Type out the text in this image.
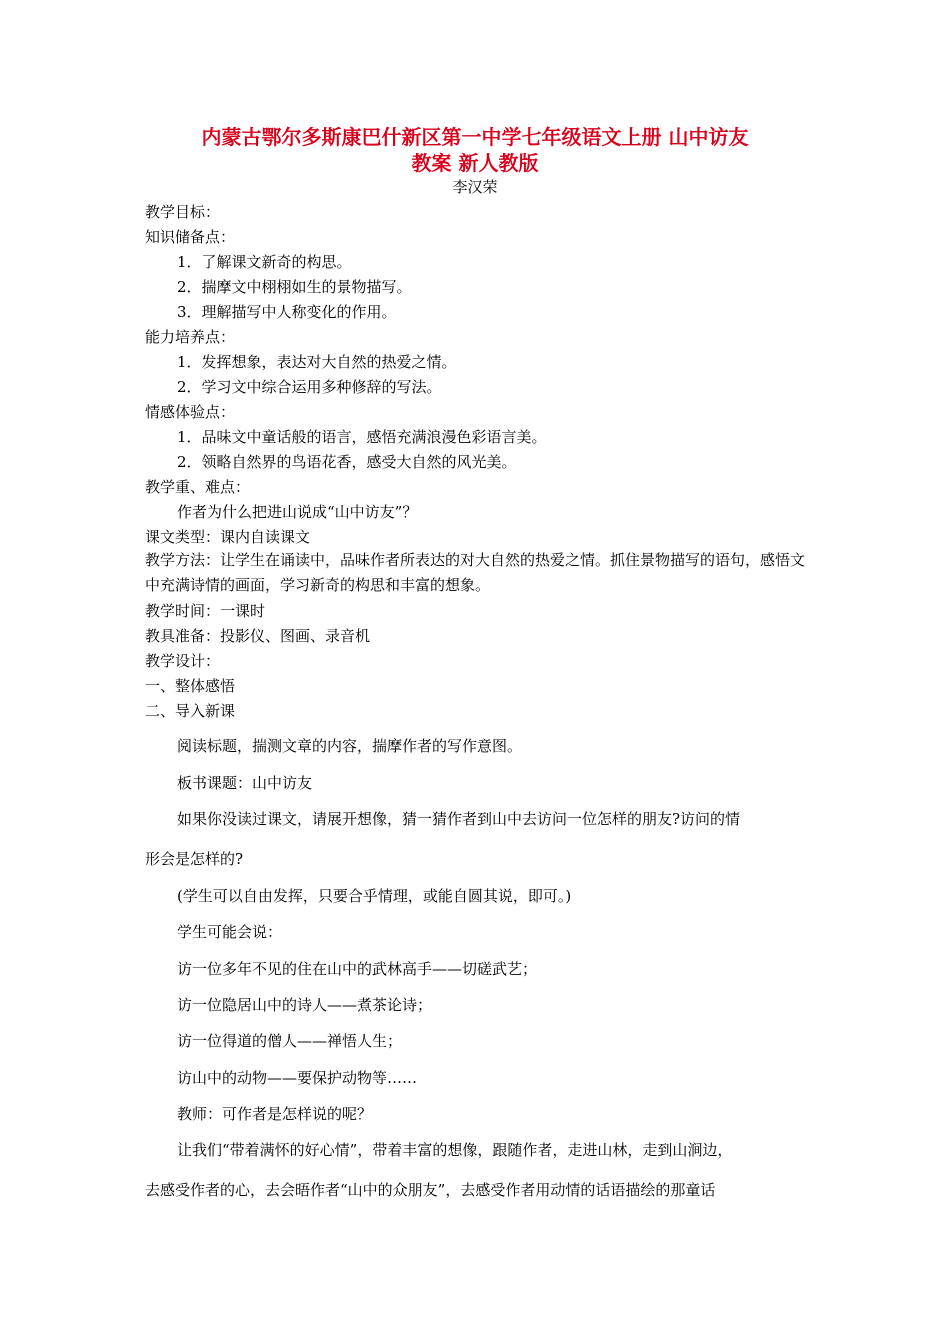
内蒙古鄂尔多斯康巴什新区第一中学七年级语文上册 山中访友
教案 新人教版
李汉荣
教学目标：
知识储备点：
1．了解课文新奇的构思。
2．揣摩文中栩栩如生的景物描写。
3．理解描写中人称变化的作用。
能力培养点：
1．发挥想象，表达对大自然的热爱之情。
2．学习文中综合运用多种修辞的写法。
情感体验点：
1．品味文中童话般的语言，感悟充满浪漫色彩语言美。
2．领略自然界的鸟语花香，感受大自然的风光美。
教学重、难点：
作者为什么把进山说成“山中访友”？
课文类型：课内自读课文
教学方法：让学生在诵读中，品味作者所表达的对大自然的热爱之情。抓住景物描写的语句，感悟文中充满诗情的画面，学习新奇的构思和丰富的想象。
教学时间：一课时
教具准备：投影仪、图画、录音机
教学设计：
一、整体感悟
二、导入新课
阅读标题，揣测文章的内容，揣摩作者的写作意图。
板书课题：山中访友
如果你没读过课文，请展开想像，猜一猜作者到山中去访问一位怎样的朋友?访问的情
形会是怎样的?
(学生可以自由发挥，只要合乎情理，或能自圆其说，即可。)
学生可能会说：
访一位多年不见的住在山中的武林高手——切磋武艺；
访一位隐居山中的诗人——煮茶论诗；
访一位得道的僧人——禅悟人生；
访山中的动物——要保护动物等……
教师：可作者是怎样说的呢？
让我们“带着满怀的好心情”，带着丰富的想像，跟随作者，走进山林，走到山涧边，
去感受作者的心，去会晤作者“山中的众朋友”，去感受作者用动情的话语描绘的那童话
